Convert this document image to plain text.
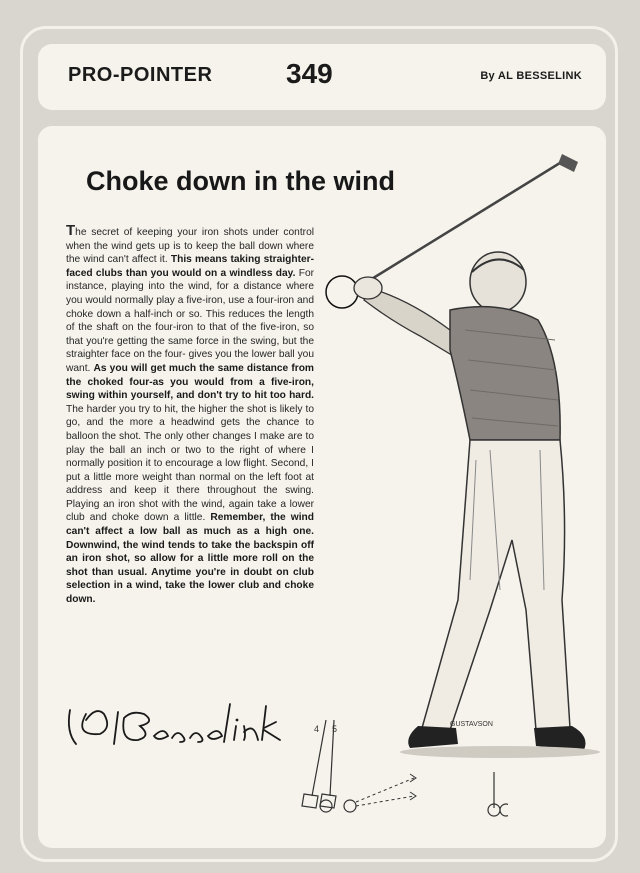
PRO-POINTER	349	By AL BESSELINK
Choke down in the wind
The secret of keeping your iron shots under control when the wind gets up is to keep the ball down where the wind can't affect it. This means taking straighter-faced clubs than you would on a windless day. For instance, playing into the wind, for a distance where you would normally play a five-iron, use a four-iron and choke down a half-inch or so. This reduces the length of the shaft on the four-iron to that of the five-iron, so that you're getting the same force in the swing, but the straighter face on the four- gives you the lower ball you want. As you will get much the same distance from the choked four-as you would from a five-iron, swing within yourself, and don't try to hit too hard. The harder you try to hit, the higher the shot is likely to go, and the more a headwind gets the chance to balloon the shot. The only other changes I make are to play the ball an inch or two to the right of where I normally position it to encourage a low flight. Second, I put a little more weight than normal on the left foot at address and keep it there throughout the swing. Playing an iron shot with the wind, again take a lower club and choke down a little. Remember, the wind can't affect a low ball as much as a high one. Downwind, the wind tends to take the backspin off an iron shot, so allow for a little more roll on the shot than usual. Anytime you're in doubt on club selection in a wind, take the lower club and choke down.
GUSTAVSON
4 5
